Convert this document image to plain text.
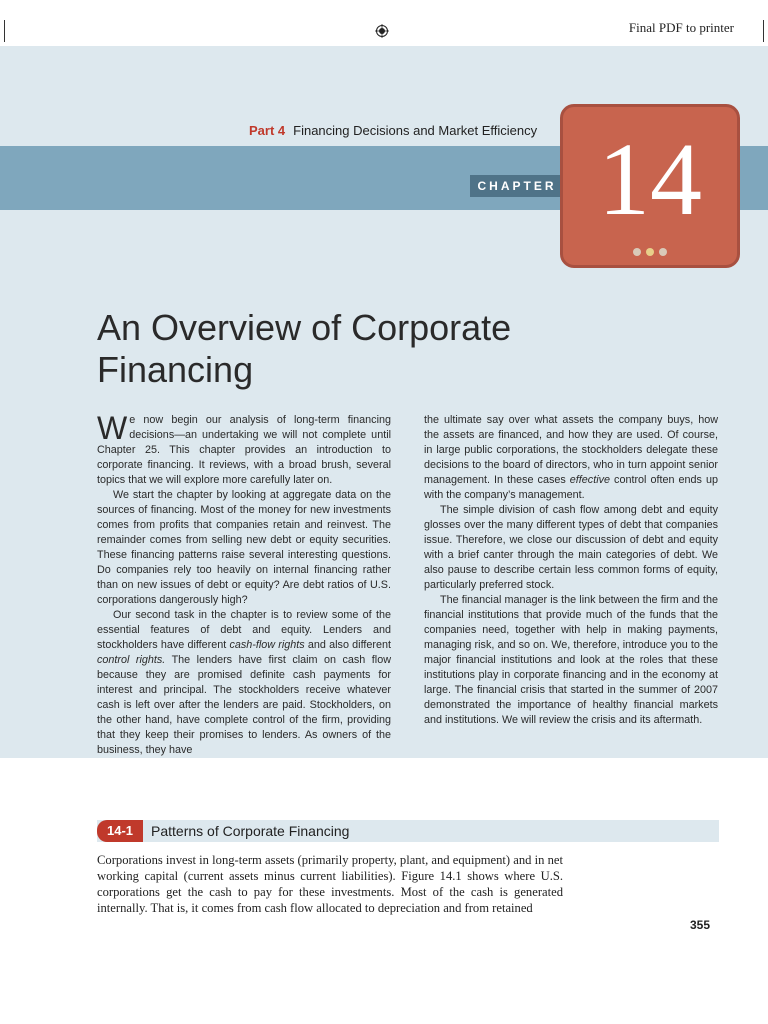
Final PDF to printer
Part 4 Financing Decisions and Market Efficiency
CHAPTER 14
An Overview of Corporate Financing

We now begin our analysis of long-term financing decisions—an undertaking we will not complete until Chapter 25. This chapter provides an introduction to corporate financing. It reviews, with a broad brush, several topics that we will explore more carefully later on.

We start the chapter by looking at aggregate data on the sources of financing. Most of the money for new investments comes from profits that companies retain and reinvest. The remainder comes from selling new debt or equity securities. These financing patterns raise several interesting questions. Do companies rely too heavily on internal financing rather than on new issues of debt or equity? Are debt ratios of U.S. corporations dangerously high?

Our second task in the chapter is to review some of the essential features of debt and equity. Lenders and stockholders have different cash-flow rights and also different control rights. The lenders have first claim on cash flow because they are promised definite cash payments for interest and principal. The stockholders receive whatever cash is left over after the lenders are paid. Stockholders, on the other hand, have complete control of the firm, providing that they keep their promises to lenders. As owners of the business, they have

the ultimate say over what assets the company buys, how the assets are financed, and how they are used. Of course, in large public corporations, the stockholders delegate these decisions to the board of directors, who in turn appoint senior management. In these cases effective control often ends up with the company’s management.

The simple division of cash flow among debt and equity glosses over the many different types of debt that companies issue. Therefore, we close our discussion of debt and equity with a brief canter through the main categories of debt. We also pause to describe certain less common forms of equity, particularly preferred stock.

The financial manager is the link between the firm and the financial institutions that provide much of the funds that the companies need, together with help in making payments, managing risk, and so on. We, therefore, introduce you to the major financial institutions and look at the roles that these institutions play in corporate financing and in the economy at large. The financial crisis that started in the summer of 2007 demonstrated the importance of healthy financial markets and institutions. We will review the crisis and its aftermath.

14-1	Patterns of Corporate Financing

Corporations invest in long-term assets (primarily property, plant, and equipment) and in net working capital (current assets minus current liabilities). Figure 14.1 shows where U.S. corporations get the cash to pay for these investments. Most of the cash is generated internally. That is, it comes from cash flow allocated to depreciation and from retained

355
